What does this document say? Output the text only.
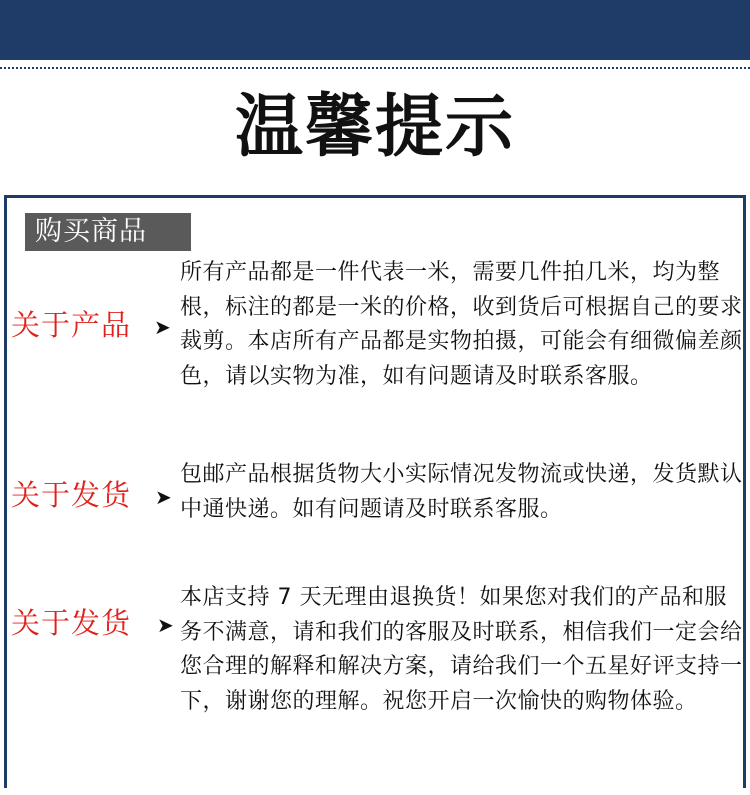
温馨提示
购买商品
关于产品 ➤
所有产品都是一件代表一米，需要几件拍几米，均为整根，标注的都是一米的价格，收到货后可根据自己的要求裁剪。本店所有产品都是实物拍摄，可能会有细微偏差颜色，请以实物为准，如有问题请及时联系客服。
关于发货 ➤
包邮产品根据货物大小实际情况发物流或快递，发货默认中通快递。如有问题请及时联系客服。
关于发货 ➤
本店支持 7 天无理由退换货！如果您对我们的产品和服务不满意，请和我们的客服及时联系，相信我们一定会给您合理的解释和解决方案，请给我们一个五星好评支持一下，谢谢您的理解。祝您开启一次愉快的购物体验。
